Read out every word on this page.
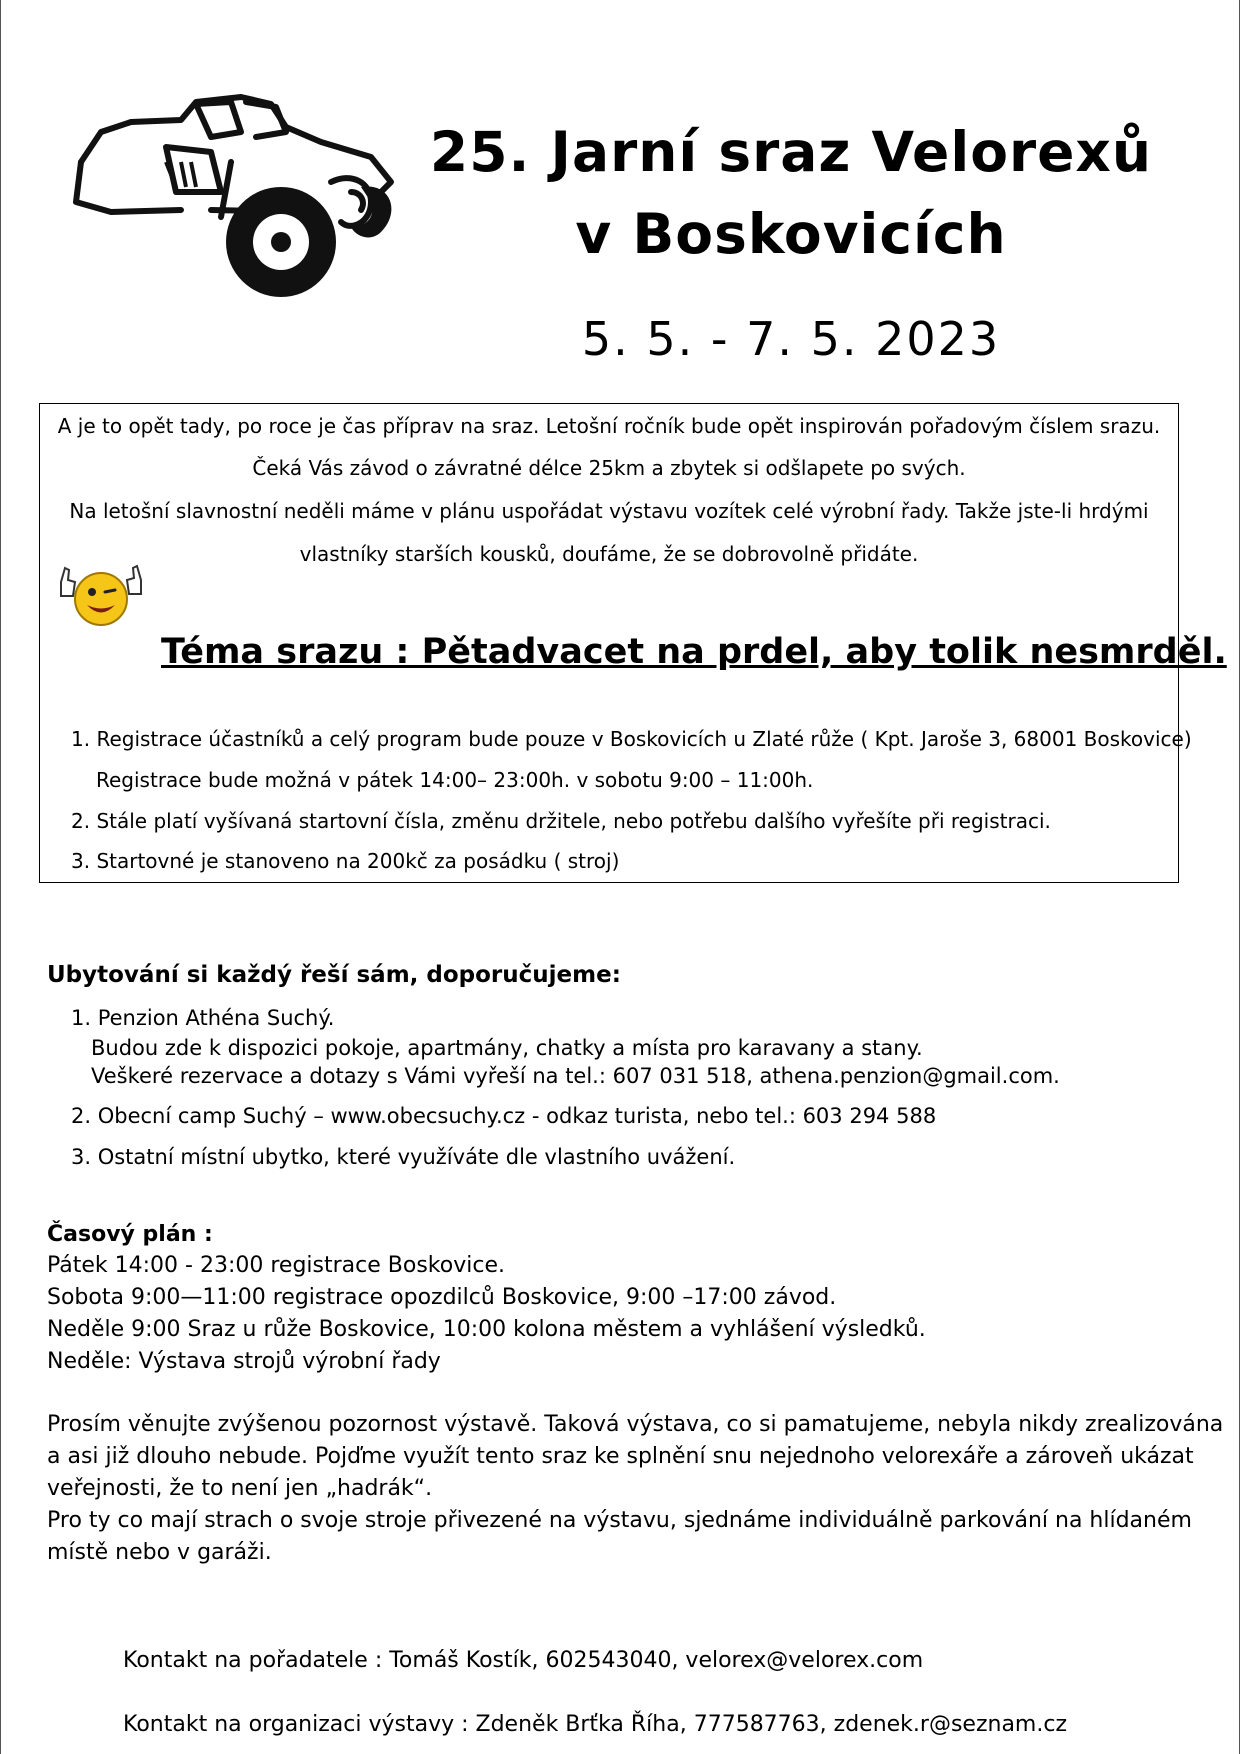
25. Jarní sraz Velorexů
v Boskovicích
5. 5. - 7. 5. 2023
A je to opět tady, po roce je čas příprav na sraz. Letošní ročník bude opět inspirován pořadovým číslem srazu.
Čeká Vás závod o závratné délce 25km a zbytek si odšlapete po svých.
Na letošní slavnostní neděli máme v plánu uspořádat výstavu vozítek celé výrobní řady. Takže jste-li hrdými
vlastníky starších kousků, doufáme, že se dobrovolně přidáte.
Téma srazu : Pětadvacet na prdel, aby tolik nesmrděl.
1. Registrace účastníků a celý program bude pouze v Boskovicích u Zlaté růže ( Kpt. Jaroše 3, 68001 Boskovice)
Registrace bude možná v pátek 14:00– 23:00h. v sobotu 9:00 – 11:00h.
2. Stále platí vyšívaná startovní čísla, změnu držitele, nebo potřebu dalšího vyřešíte při registraci.
3. Startovné je stanoveno na 200kč za posádku ( stroj)
Ubytování si každý řeší sám, doporučujeme:
1. Penzion Athéna Suchý.
Budou zde k dispozici pokoje, apartmány, chatky a místa pro karavany a stany.
Veškeré rezervace a dotazy s Vámi vyřeší na tel.: 607 031 518, athena.penzion@gmail.com.
2. Obecní camp Suchý – www.obecsuchy.cz - odkaz turista, nebo tel.: 603 294 588
3. Ostatní místní ubytko, které využíváte dle vlastního uvážení.
Časový plán :
Pátek 14:00 - 23:00 registrace Boskovice.
Sobota 9:00—11:00 registrace opozdilců Boskovice, 9:00 –17:00 závod.
Neděle 9:00 Sraz u růže Boskovice, 10:00 kolona městem a vyhlášení výsledků.
Neděle: Výstava strojů výrobní řady
Prosím věnujte zvýšenou pozornost výstavě. Taková výstava, co si pamatujeme, nebyla nikdy zrealizována
a asi již dlouho nebude. Pojďme využít tento sraz ke splnění snu nejednoho velorexáře a zároveň ukázat
veřejnosti, že to není jen „hadrák“.
Pro ty co mají strach o svoje stroje přivezené na výstavu, sjednáme individuálně parkování na hlídaném
místě nebo v garáži.
Kontakt na pořadatele : Tomáš Kostík, 602543040, velorex@velorex.com
Kontakt na organizaci výstavy : Zdeněk Brťka Říha, 777587763, zdenek.r@seznam.cz
